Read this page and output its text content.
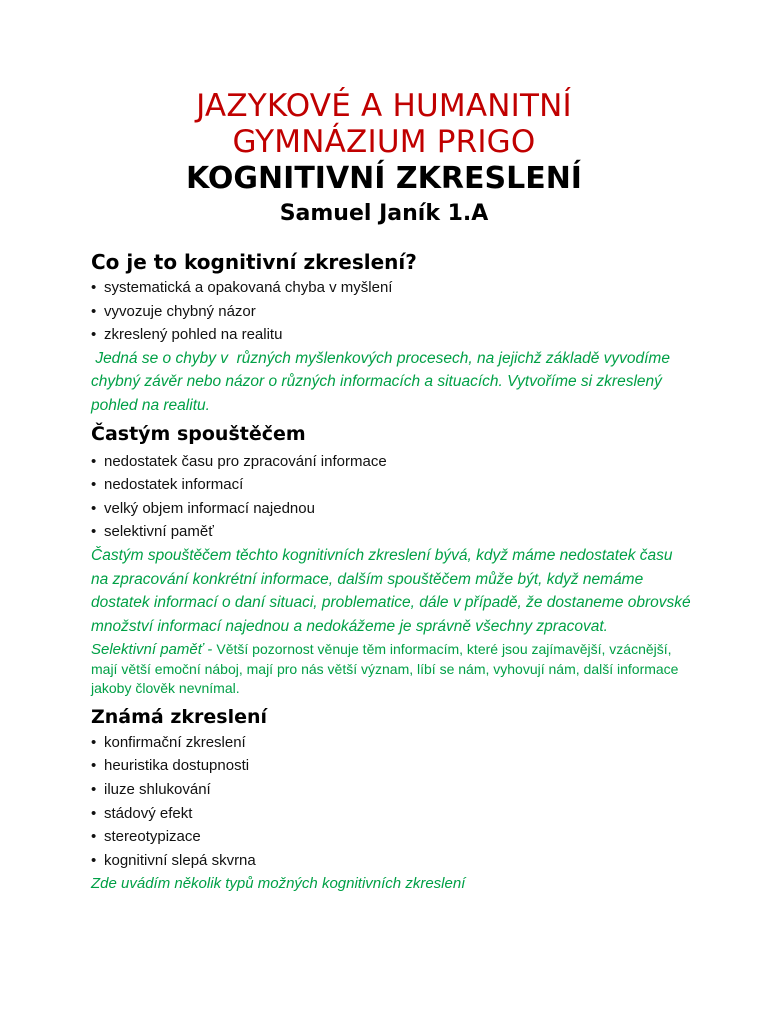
JAZYKOVÉ A HUMANITNÍ
GYMNÁZIUM PRIGO
KOGNITIVNÍ ZKRESLENÍ
Samuel Janík 1.A
Co je to kognitivní zkreslení?
• systematická a opakovaná chyba v myšlení
• vyvozuje chybný názor
• zkreslený pohled na realitu

Jedná se o chyby v  různých myšlenkových procesech, na jejichž základě vyvodíme chybný závěr nebo názor o různých informacích a situacích. Vytvoříme si zkreslený pohled na realitu.

Častým spouštěčem
• nedostatek času pro zpracování informace
• nedostatek informací
• velký objem informací najednou
• selektivní paměť

Častým spouštěčem těchto kognitivních zkreslení bývá, když máme nedostatek času na zpracování konkrétní informace, dalším spouštěčem může být, když nemáme dostatek informací o daní situaci, problematice, dále v případě, že dostaneme obrovské množství informací najednou a nedokážeme je správně všechny zpracovat.

Selektivní paměť - Větší pozornost věnuje těm informacím, které jsou zajímavější, vzácnější, mají větší emoční náboj, mají pro nás větší význam, líbí se nám, vyhovují nám, další informace jakoby člověk nevnímal.

Známá zkreslení
• konfirmační zkreslení
• heuristika dostupnosti
• iluze shlukování
• stádový efekt
• stereotypizace
• kognitivní slepá skvrna

Zde uvádím několik typů možných kognitivních zkreslení
